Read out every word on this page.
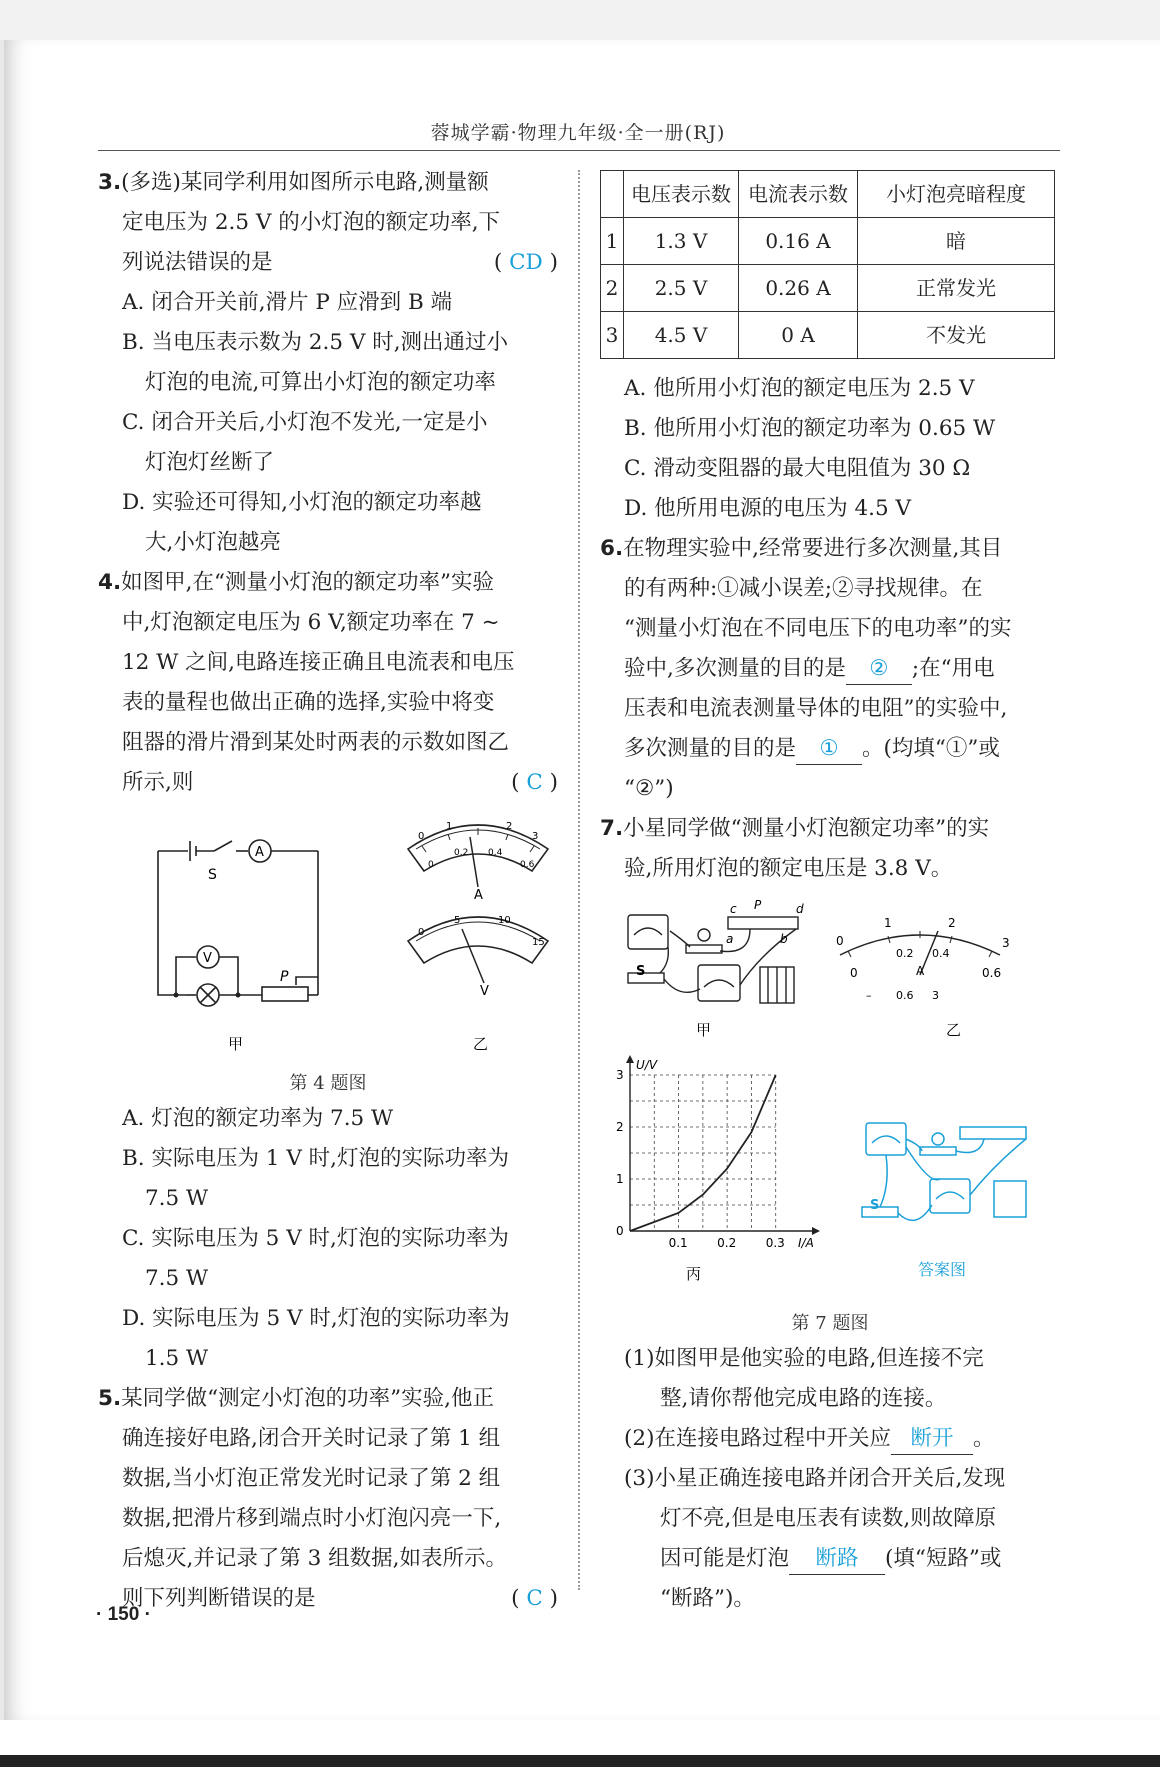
蓉城学霸·物理九年级·全一册(RJ)
3.(多选)某同学利用如图所示电路,测量额
定电压为 2.5 V 的小灯泡的额定功率,下
列说法错误的是	( CD )
A. 闭合开关前,滑片 P 应滑到 B 端
B. 当电压表示数为 2.5 V 时,测出通过小
灯泡的电流,可算出小灯泡的额定功率
C. 闭合开关后,小灯泡不发光,一定是小
灯泡灯丝断了
D. 实验还可得知,小灯泡的额定功率越
大,小灯泡越亮
4.如图甲,在“测量小灯泡的额定功率”实验
中,灯泡额定电压为 6 V,额定功率在 7 ~
12 W 之间,电路连接正确且电流表和电压
表的量程也做出正确的选择,实验中将变
阻器的滑片滑到某处时两表的示数如图乙
所示,则	( C )
S
A
V
P
甲
0
1	2
3
0
0.2 0.4
0.6
A
0
5	10
15
V
乙
第 4 题图
A. 灯泡的额定功率为 7.5 W
B. 实际电压为 1 V 时,灯泡的实际功率为
7.5 W
C. 实际电压为 5 V 时,灯泡的实际功率为
7.5 W
D. 实际电压为 5 V 时,灯泡的实际功率为
1.5 W
5.某同学做“测定小灯泡的功率”实验,他正
确连接好电路,闭合开关时记录了第 1 组
数据,当小灯泡正常发光时记录了第 2 组
数据,把滑片移到端点时小灯泡闪亮一下,
后熄灭,并记录了第 3 组数据,如表所示。
则下列判断错误的是	( C )
· 150 ·
	电压表示数	电流表示数	小灯泡亮暗程度
1	1.3 V	0.16 A	暗
2	2.5 V	0.26 A	正常发光
3	4.5 V	0 A	不发光
A. 他所用小灯泡的额定电压为 2.5 V
B. 他所用小灯泡的额定功率为 0.65 W
C. 滑动变阻器的最大电阻值为 30 Ω
D. 他所用电源的电压为 4.5 V
6.在物理实验中,经常要进行多次测量,其目
的有两种:①减小误差;②寻找规律。在
“测量小灯泡在不同电压下的电功率”的实
验中,多次测量的目的是 ② ;在“用电
压表和电流表测量导体的电阻”的实验中,
多次测量的目的是 ① 。(均填“①”或
“②”)
7.小星同学做“测量小灯泡额定功率”的实
验,所用灯泡的额定电压是 3.8 V。
S
c P	d
a	b
甲
0
1	2
3
0
0.2 0.4
0.6
A
0.6 3
–
乙
0.1 0.2 0.3
0
1
2
3
I/A
U/V
丙
S
答案图
第 7 题图
(1)如图甲是他实验的电路,但连接不完
整,请你帮他完成电路的连接。
(2)在连接电路过程中开关应 断开 。
(3)小星正确连接电路并闭合开关后,发现
灯不亮,但是电压表有读数,则故障原
因可能是灯泡 断路 (填“短路”或
“断路”)。
